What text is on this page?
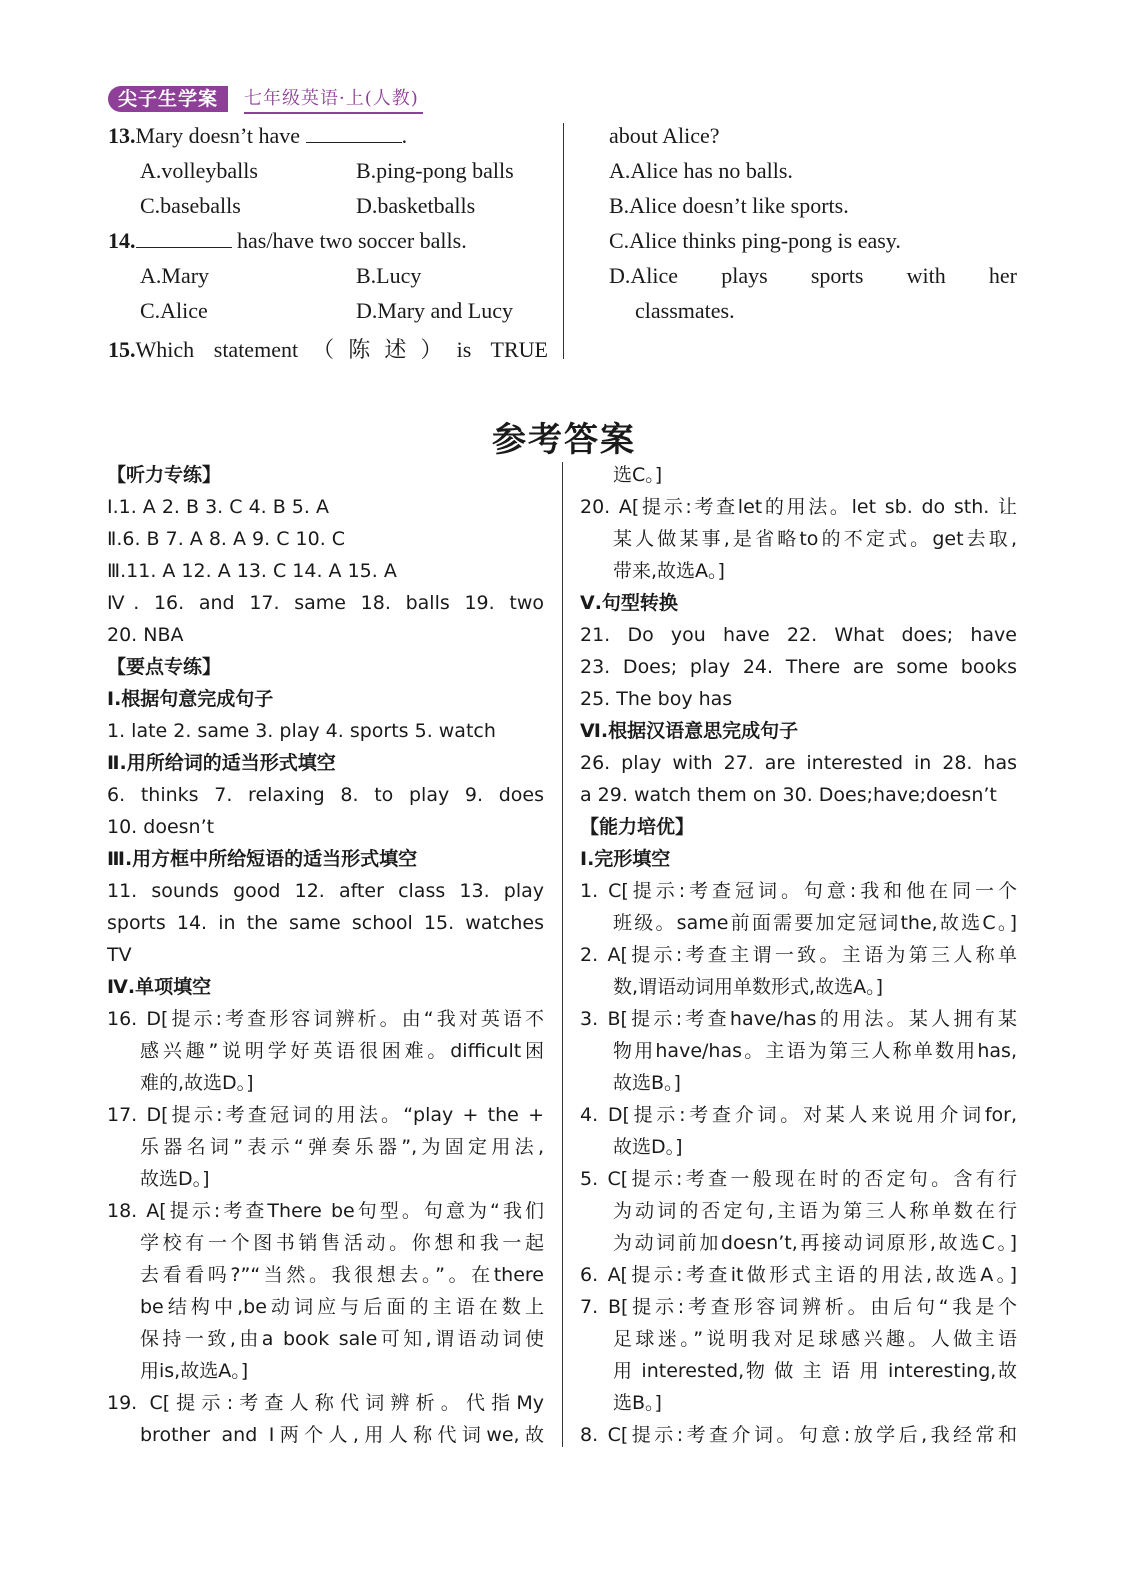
尖子生学案	七年级英语·上(人教)
13.Mary doesn’t have	.
A.volleyballs	B.ping-pong balls
C.baseballs	D.basketballs
14.	has/have two soccer balls.
A.Mary	B.Lucy
C.Alice	D.Mary and Lucy
15.Which statement（陈述）is TRUE
about Alice?
A.Alice has no balls.
B.Alice doesn’t like sports.
C.Alice thinks ping-pong is easy.
D.Alice plays sports with her
classmates.
参考答案
【听力专练】
Ⅰ.1. A 2. B 3. C 4. B 5. A
Ⅱ.6. B 7. A 8. A 9. C 10. C
Ⅲ.11. A 12. A 13. C 14. A 15. A
Ⅳ. 16. and 17. same 18. balls 19. two
20. NBA
【要点专练】
Ⅰ.根据句意完成句子
1. late 2. same 3. play 4. sports 5. watch
Ⅱ.用所给词的适当形式填空
6. thinks 7. relaxing 8. to play 9. does
10. doesn’t
Ⅲ.用方框中所给短语的适当形式填空
11. sounds good 12. after class 13. play
sports 14. in the same school 15. watches
TV
Ⅳ.单项填空
16. D[提示:考查形容词辨析。由“我对英语不
感兴趣”说明学好英语很困难。difficult困
难的,故选D。]
17. D[提示:考查冠词的用法。“play + the +
乐器名词”表示“弹奏乐器”,为固定用法,
故选D。]
18. A[提示:考查There be句型。句意为“我们
学校有一个图书销售活动。你想和我一起
去看看吗?”“当然。我很想去。”。在there
be结构中,be动词应与后面的主语在数上
保持一致,由a book sale可知,谓语动词使
用is,故选A。]
19. C[提示:考查人称代词辨析。代指My
brother and I两个人,用人称代词we,故
选C。]
20. A[提示:考查let的用法。let sb. do sth. 让
某人做某事,是省略to的不定式。get去取,
带来,故选A。]
Ⅴ.句型转换
21. Do you have 22. What does; have
23. Does; play 24. There are some books
25. The boy has
Ⅵ.根据汉语意思完成句子
26. play with 27. are interested in 28. has
a 29. watch them on 30. Does;have;doesn’t
【能力培优】
Ⅰ.完形填空
1. C[提示:考查冠词。句意:我和他在同一个
班级。same前面需要加定冠词the,故选C。]
2. A[提示:考查主谓一致。主语为第三人称单
数,谓语动词用单数形式,故选A。]
3. B[提示:考查have/has的用法。某人拥有某
物用have/has。主语为第三人称单数用has,
故选B。]
4. D[提示:考查介词。对某人来说用介词for,
故选D。]
5. C[提示:考查一般现在时的否定句。含有行
为动词的否定句,主语为第三人称单数在行
为动词前加doesn’t,再接动词原形,故选C。]
6. A[提示:考查it做形式主语的用法,故选A。]
7. B[提示:考查形容词辨析。由后句“我是个
足球迷。”说明我对足球感兴趣。人做主语
用 interested,物 做 主 语 用 interesting,故
选B。]
8. C[提示:考查介词。句意:放学后,我经常和
